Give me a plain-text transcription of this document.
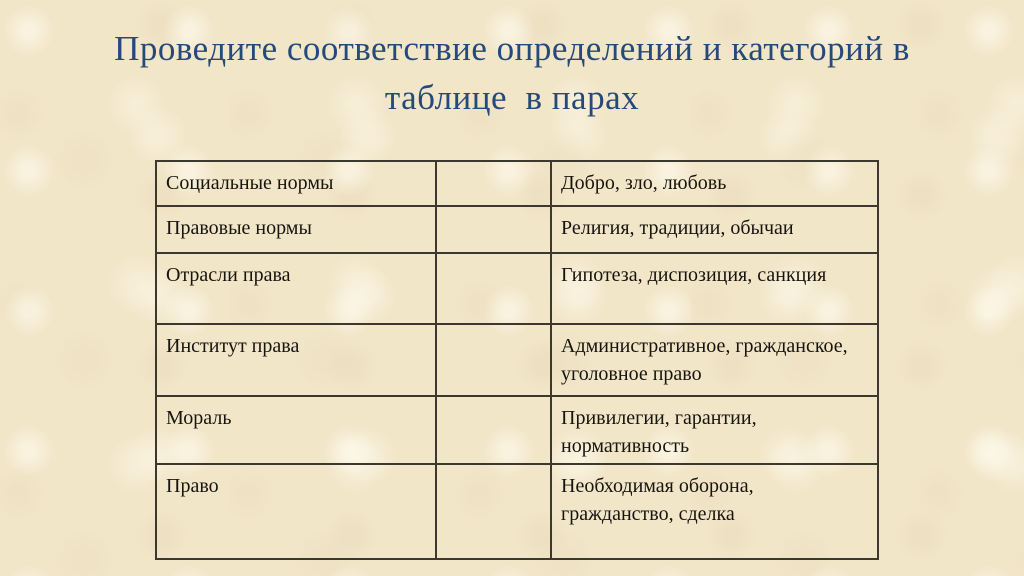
Проведите соответствие определений и категорий в
таблице  в парах
Социальные нормы		Добро, зло, любовь
Правовые нормы		Религия, традиции, обычаи
Отрасли права		Гипотеза, диспозиция, санкция
Институт права		Административное, гражданское, уголовное право
Мораль		Привилегии, гарантии, нормативность
Право		Необходимая оборона, гражданство, сделка
